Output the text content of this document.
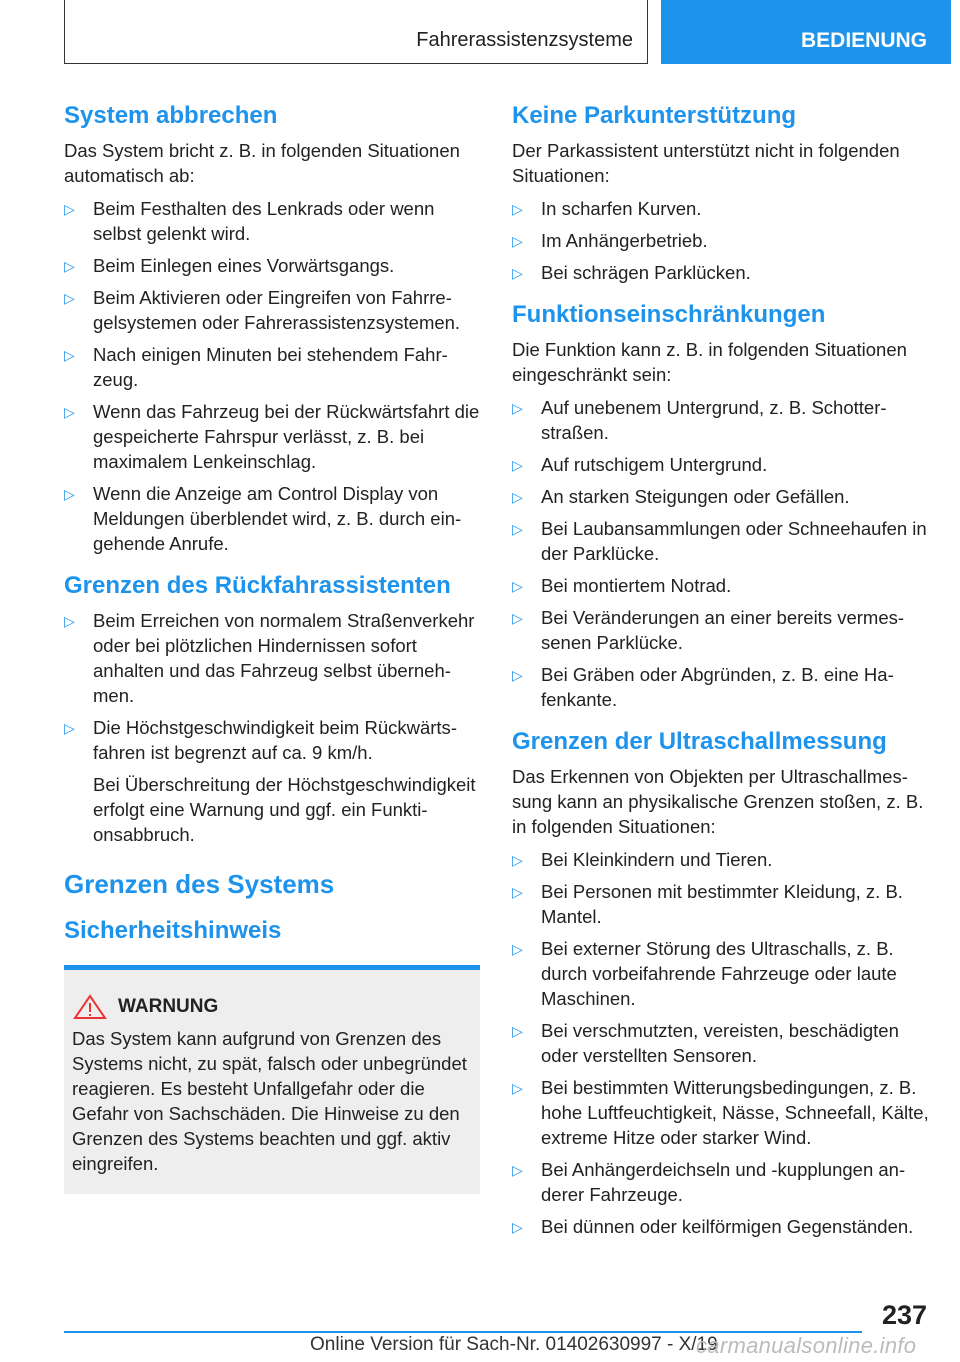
Fahrerassistenzsysteme	BEDIENUNG
System abbrechen

Das System bricht z. B. in folgenden Situationen automatisch ab:

▷ Beim Festhalten des Lenkrads oder wenn selbst gelenkt wird.
▷ Beim Einlegen eines Vorwärtsgangs.
▷ Beim Aktivieren oder Eingreifen von Fahrregelsystemen oder Fahrerassistenzsystemen.
▷ Nach einigen Minuten bei stehendem Fahrzeug.
▷ Wenn das Fahrzeug bei der Rückwärtsfahrt die gespeicherte Fahrspur verlässt, z. B. bei maximalem Lenkeinschlag.
▷ Wenn die Anzeige am Control Display von Meldungen überblendet wird, z. B. durch eingehende Anrufe.
Grenzen des Rückfahrassistenten
▷ Beim Erreichen von normalem Straßenverkehr oder bei plötzlichen Hindernissen sofort anhalten und das Fahrzeug selbst übernehmen.
▷ Die Höchstgeschwindigkeit beim Rückwärtsfahren ist begrenzt auf ca. 9 km/h.
Bei Überschreitung der Höchstgeschwindigkeit erfolgt eine Warnung und ggf. ein Funktionsabbruch.
Grenzen des Systems
Sicherheitshinweis
WARNUNG

Das System kann aufgrund von Grenzen des Systems nicht, zu spät, falsch oder unbegründet reagieren. Es besteht Unfallgefahr oder die Gefahr von Sachschäden. Die Hinweise zu den Grenzen des Systems beachten und ggf. aktiv eingreifen.

Keine Parkunterstützung

Der Parkassistent unterstützt nicht in folgenden Situationen:

▷ In scharfen Kurven.
▷ Im Anhängerbetrieb.
▷ Bei schrägen Parklücken.
Funktionseinschränkungen

Die Funktion kann z. B. in folgenden Situationen eingeschränkt sein:

▷ Auf unebenem Untergrund, z. B. Schotterstraßen.
▷ Auf rutschigem Untergrund.
▷ An starken Steigungen oder Gefällen.
▷ Bei Laubansammlungen oder Schneehaufen in der Parklücke.
▷ Bei montiertem Notrad.
▷ Bei Veränderungen an einer bereits vermessenen Parklücke.
▷ Bei Gräben oder Abgründen, z. B. eine Hafenkante.
Grenzen der Ultraschallmessung

Das Erkennen von Objekten per Ultraschallmessung kann an physikalische Grenzen stoßen, z. B. in folgenden Situationen:

▷ Bei Kleinkindern und Tieren.
▷ Bei Personen mit bestimmter Kleidung, z. B. Mantel.
▷ Bei externer Störung des Ultraschalls, z. B. durch vorbeifahrende Fahrzeuge oder laute Maschinen.
▷ Bei verschmutzten, vereisten, beschädigten oder verstellten Sensoren.
▷ Bei bestimmten Witterungsbedingungen, z. B. hohe Luftfeuchtigkeit, Nässe, Schneefall, Kälte, extreme Hitze oder starker Wind.
▷ Bei Anhängerdeichseln und -kupplungen anderer Fahrzeuge.
▷ Bei dünnen oder keilförmigen Gegenständen.
237
Online Version für Sach-Nr. 01402630997 - X/19
carmanualsonline.info
